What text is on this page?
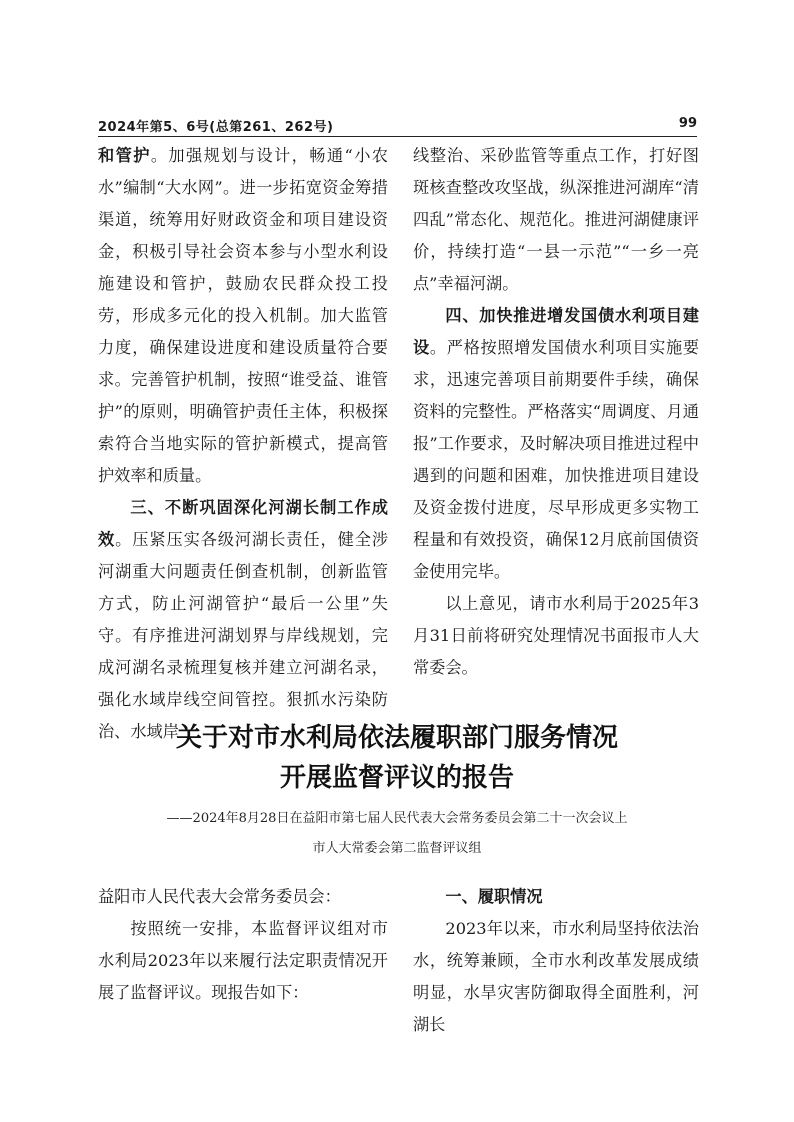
2024年第5、6号(总第261、262号)	99

和管护。加强规划与设计，畅通“小农水”编制“大水网”。进一步拓宽资金筹措渠道，统筹用好财政资金和项目建设资金，积极引导社会资本参与小型水利设施建设和管护，鼓励农民群众投工投劳，形成多元化的投入机制。加大监管力度，确保建设进度和建设质量符合要求。完善管护机制，按照“谁受益、谁管护”的原则，明确管护责任主体，积极探索符合当地实际的管护新模式，提高管护效率和质量。

三、不断巩固深化河湖长制工作成效。压紧压实各级河湖长责任，健全涉河湖重大问题责任倒查机制，创新监管方式，防止河湖管护“最后一公里”失守。有序推进河湖划界与岸线规划，完成河湖名录梳理复核并建立河湖名录，强化水域岸线空间管控。狠抓水污染防治、水域岸

线整治、采砂监管等重点工作，打好图斑核查整改攻坚战，纵深推进河湖库“清四乱”常态化、规范化。推进河湖健康评价，持续打造“一县一示范”“一乡一亮点”幸福河湖。

四、加快推进增发国债水利项目建设。严格按照增发国债水利项目实施要求，迅速完善项目前期要件手续，确保资料的完整性。严格落实“周调度、月通报”工作要求，及时解决项目推进过程中遇到的问题和困难，加快推进项目建设及资金拨付进度，尽早形成更多实物工程量和有效投资，确保12月底前国债资金使用完毕。

以上意见，请市水利局于2025年3月31日前将研究处理情况书面报市人大常委会。

关于对市水利局依法履职部门服务情况

开展监督评议的报告

——2024年8月28日在益阳市第七届人民代表大会常务委员会第二十一次会议上
市人大常委会第二监督评议组

益阳市人民代表大会常务委员会：

按照统一安排，本监督评议组对市水利局2023年以来履行法定职责情况开展了监督评议。现报告如下：

一、履职情况

2023年以来，市水利局坚持依法治水，统筹兼顾，全市水利改革发展成绩明显，水旱灾害防御取得全面胜利，河湖长
